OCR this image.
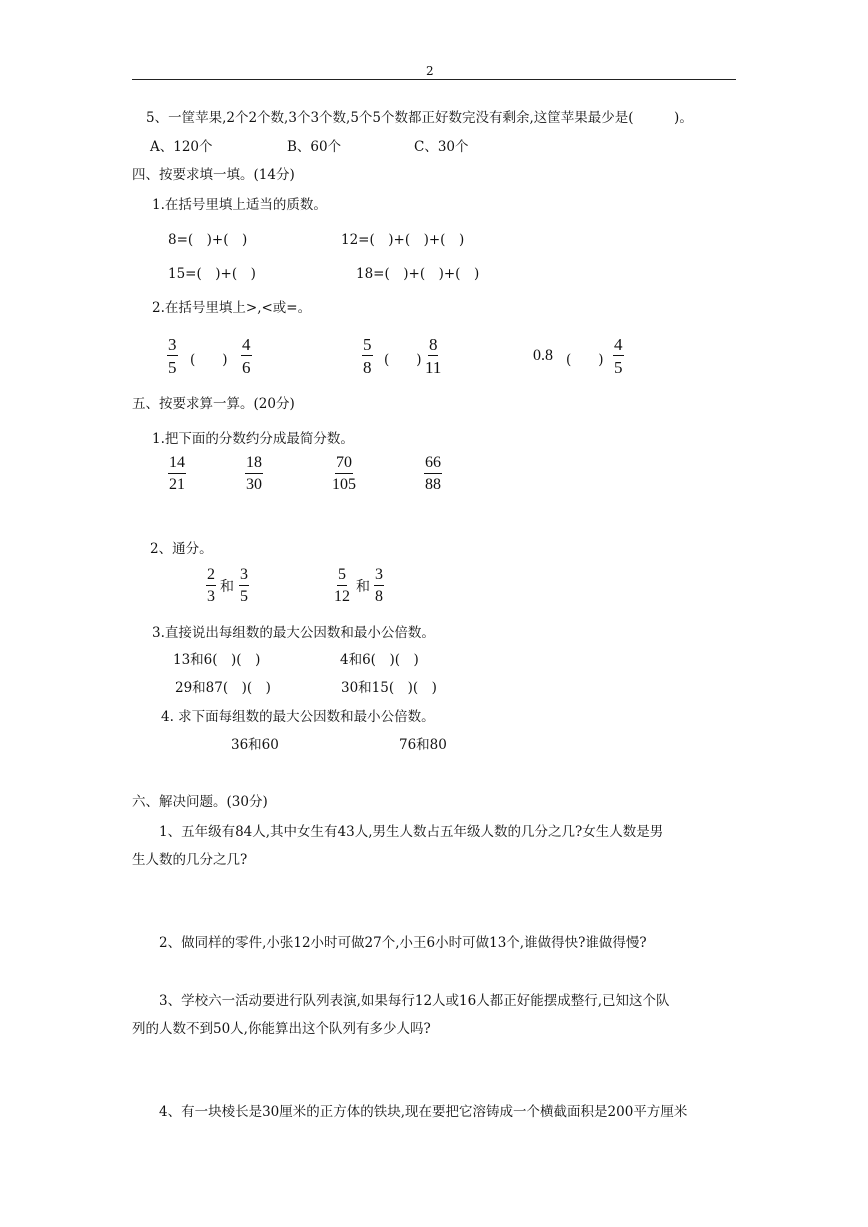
2
5、一筐苹果,2个2个数,3个3个数,5个5个数都正好数完没有剩余,这筐苹果最少是(　　　)。
A、120个	B、60个	C、30个
四、按要求填一填。(14分)
1.在括号里填上适当的质数。
8=(　)+(　)	12=(　)+(　)+(　)
15=(　)+(　)	18=(　)+(　)+(　)
2.在括号里填上>,<或=。
$\frac{3}{5}$ (　　) $\frac{4}{6}$	$\frac{5}{8}$ (　　) $\frac{8}{11}$	0.8 (　　) $\frac{4}{5}$
五、按要求算一算。(20分)
1.把下面的分数约分成最简分数。
$\frac{14}{21}$	$\frac{18}{30}$	$\frac{70}{105}$	$\frac{66}{88}$
2、通分。
$\frac{2}{3}$ 和 $\frac{3}{5}$	$\frac{5}{12}$ 和 $\frac{3}{8}$
3.直接说出每组数的最大公因数和最小公倍数。
13和6(　)(　)	4和6(　)(　)
29和87(　)(　)	30和15(　)(　)
4. 求下面每组数的最大公因数和最小公倍数。
36和60	76和80
六、解决问题。(30分)
1、五年级有84人,其中女生有43人,男生人数占五年级人数的几分之几?女生人数是男
生人数的几分之几?
2、做同样的零件,小张12小时可做27个,小王6小时可做13个,谁做得快?谁做得慢?
3、学校六一活动要进行队列表演,如果每行12人或16人都正好能摆成整行,已知这个队
列的人数不到50人,你能算出这个队列有多少人吗?
4、有一块棱长是30厘米的正方体的铁块,现在要把它溶铸成一个横截面积是200平方厘米
